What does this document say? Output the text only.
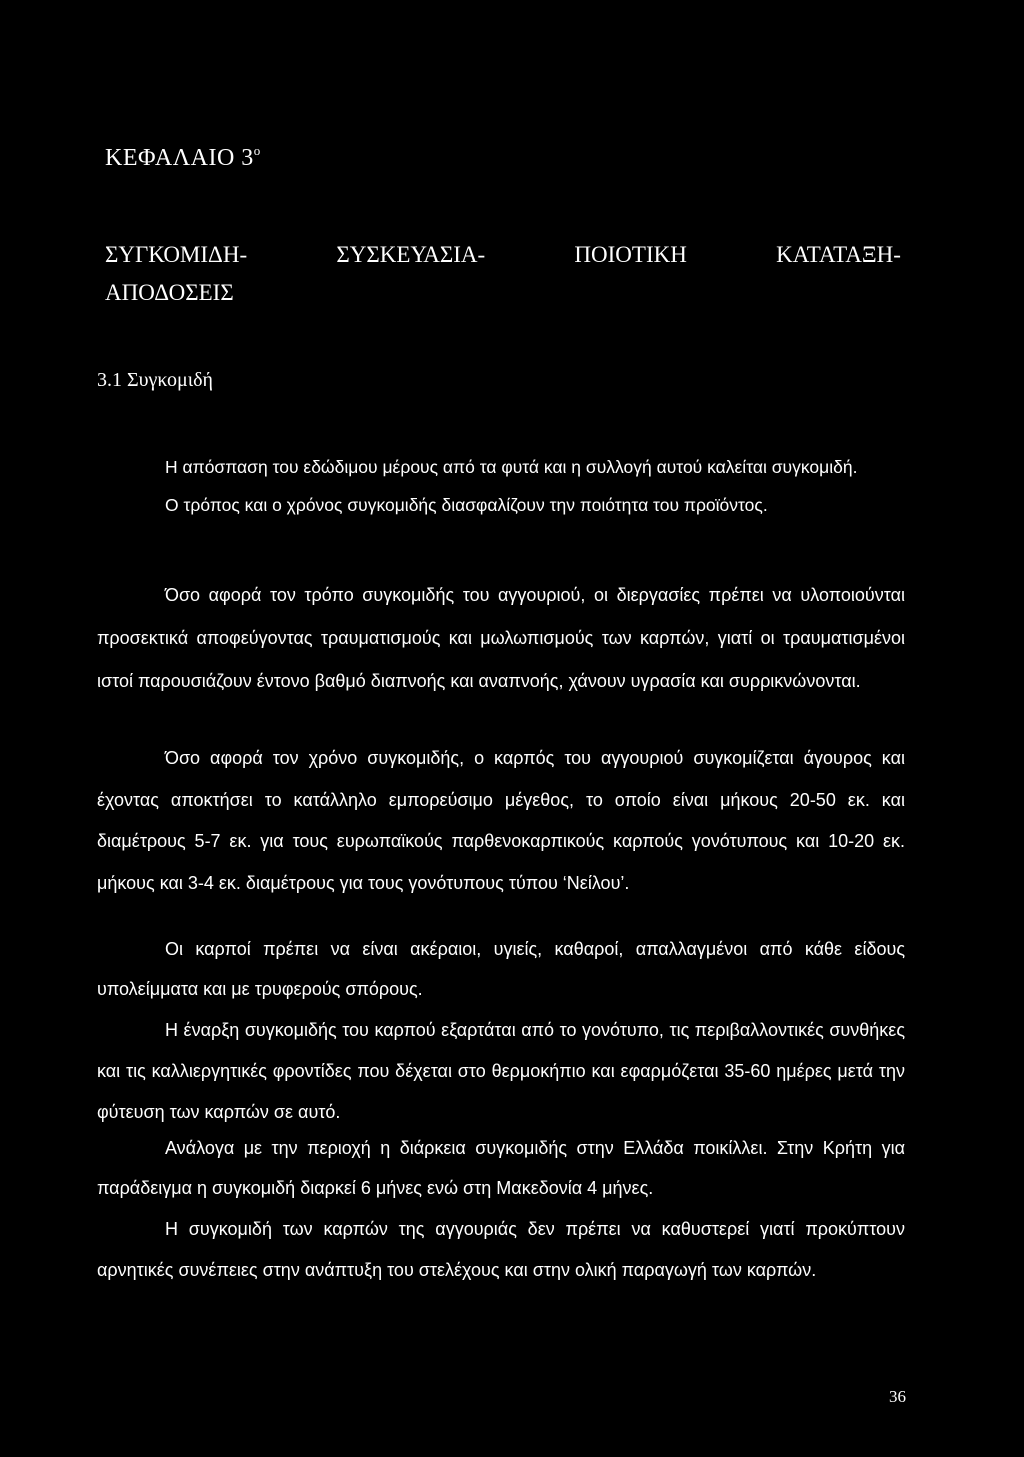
ΚΕΦΑΛΑΙΟ $3^o$
ΣΥΓΚΟΜΙΔΗ-	ΣΥΣΚΕΥΑΣΙΑ-	ΠΟΙΟΤΙΚΗ	ΚΑΤΑΤΑΞΗ-
ΑΠΟΔΟΣΕΙΣ
3.1 Συγκομιδή

Η απόσπαση του εδώδιμου μέρους από τα φυτά και η συλλογή αυτού καλείται συγκομιδή.

Ο τρόπος και ο χρόνος συγκομιδής διασφαλίζουν την ποιότητα του προϊόντος.

Όσο αφορά τον τρόπο συγκομιδής του αγγουριού, οι διεργασίες πρέπει να υλοποιούνται προσεκτικά αποφεύγοντας τραυματισμούς και μωλωπισμούς των καρπών, γιατί οι τραυματισμένοι ιστοί παρουσιάζουν έντονο βαθμό διαπνοής και αναπνοής, χάνουν υγρασία και συρρικνώνονται.

Όσο αφορά τον χρόνο συγκομιδής, ο καρπός του αγγουριού συγκομίζεται άγουρος και έχοντας αποκτήσει το κατάλληλο εμπορεύσιμο μέγεθος, το οποίο είναι μήκους 20-50 εκ. και διαμέτρους 5-7 εκ. για τους ευρωπαϊκούς παρθενοκαρπικούς καρπούς γονότυπους και 10-20 εκ. μήκους και 3-4 εκ. διαμέτρους για τους γονότυπους τύπου ‘Νείλου’.

Οι καρποί πρέπει να είναι ακέραιοι, υγιείς, καθαροί, απαλλαγμένοι από κάθε είδους υπολείμματα και με τρυφερούς σπόρους.

Η έναρξη συγκομιδής του καρπού εξαρτάται από το γονότυπο, τις περιβαλλοντικές συνθήκες και τις καλλιεργητικές φροντίδες που δέχεται στο θερμοκήπιο και εφαρμόζεται 35-60 ημέρες μετά την φύτευση των καρπών σε αυτό.

Ανάλογα με την περιοχή η διάρκεια συγκομιδής στην Ελλάδα ποικίλλει. Στην Κρήτη για παράδειγμα η συγκομιδή διαρκεί 6 μήνες ενώ στη Μακεδονία 4 μήνες.

Η συγκομιδή των καρπών της αγγουριάς δεν πρέπει να καθυστερεί γιατί προκύπτουν αρνητικές συνέπειες στην ανάπτυξη του στελέχους και στην ολική παραγωγή των καρπών.

36
